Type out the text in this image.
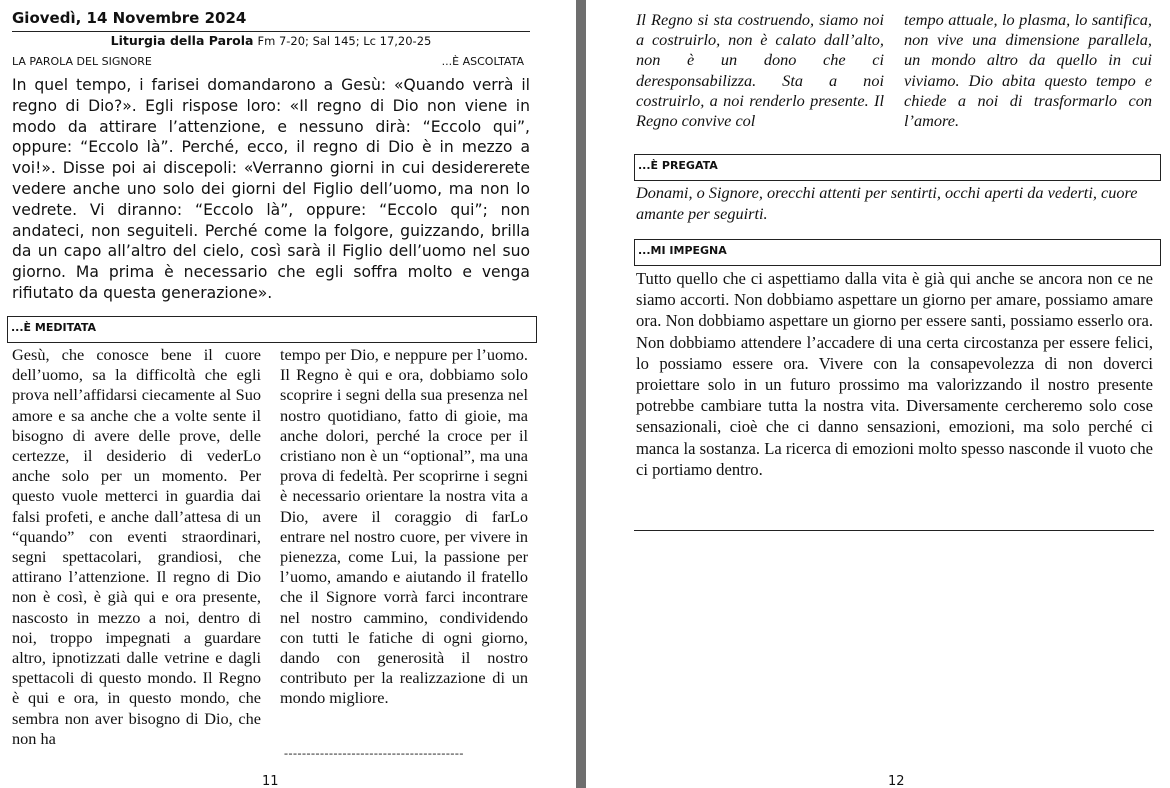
Giovedì, 14 Novembre 2024
Liturgia della Parola Fm 7-20; Sal 145; Lc 17,20-25
LA PAROLA DEL SIGNORE	...È ASCOLTATA

In quel tempo, i farisei domandarono a Gesù: «Quando verrà il regno di Dio?». Egli rispose loro: «Il regno di Dio non viene in modo da attirare l’attenzione, e nessuno dirà: “Eccolo qui”, oppure: “Eccolo là”. Perché, ecco, il regno di Dio è in mezzo a voi!». Disse poi ai discepoli: «Verranno giorni in cui desidererete vedere anche uno solo dei giorni del Figlio dell’uomo, ma non lo vedrete. Vi diranno: “Eccolo là”, oppure: “Eccolo qui”; non andateci, non seguiteli. Perché come la folgore, guizzando, brilla da un capo all’altro del cielo, così sarà il Figlio dell’uomo nel suo giorno. Ma prima è necessario che egli soffra molto e venga rifiutato da questa generazione».

...È MEDITATA

Gesù, che conosce bene il cuore dell’uomo, sa la difficoltà che egli prova nell’affidarsi ciecamente al Suo amore e sa anche che a volte sente il bisogno di avere delle prove, delle certezze, il desiderio di vederLo anche solo per un momento. Per questo vuole metterci in guardia dai falsi profeti, e anche dall’attesa di un “quando” con eventi straordinari, segni spettacolari, grandiosi, che attirano l’attenzione. Il regno di Dio non è così, è già qui e ora presente, nascosto in mezzo a noi, dentro di noi, troppo impegnati a guardare altro, ipnotizzati dalle vetrine e dagli spettacoli di questo mondo. Il Regno è qui e ora, in questo mondo, che sembra non aver bisogno di Dio, che non ha

tempo per Dio, e neppure per l’uomo. Il Regno è qui e ora, dobbiamo solo scoprire i segni della sua presenza nel nostro quotidiano, fatto di gioie, ma anche dolori, perché la croce per il cristiano non è un “optional”, ma una prova di fedeltà. Per scoprirne i segni è necessario orientare la nostra vita a Dio, avere il coraggio di farLo entrare nel nostro cuore, per vivere in pienezza, come Lui, la passione per l’uomo, amando e aiutando il fratello che il Signore vorrà farci incontrare nel nostro cammino, condividendo con tutti le fatiche di ogni giorno, dando con generosità il nostro contributo per la realizzazione di un mondo migliore.

----------------------------------------
11

Il Regno si sta costruendo, siamo noi a costruirlo, non è calato dall’alto, non è un dono che ci deresponsabilizza. Sta a noi costruirlo, a noi renderlo presente. Il Regno convive col

tempo attuale, lo plasma, lo santifica, non vive una dimensione parallela, un mondo altro da quello in cui viviamo. Dio abita questo tempo e chiede a noi di trasformarlo con l’amore.

...È PREGATA

Donami, o Signore, orecchi attenti per sentirti, occhi aperti da vederti, cuore amante per seguirti.

...MI IMPEGNA

Tutto quello che ci aspettiamo dalla vita è già qui anche se ancora non ce ne siamo accorti. Non dobbiamo aspettare un giorno per amare, possiamo amare ora. Non dobbiamo aspettare un giorno per essere santi, possiamo esserlo ora. Non dobbiamo attendere l’accadere di una certa circostanza per essere felici, lo possiamo essere ora. Vivere con la consapevolezza di non doverci proiettare solo in un futuro prossimo ma valorizzando il nostro presente potrebbe cambiare tutta la nostra vita. Diversamente cercheremo solo cose sensazionali, cioè che ci danno sensazioni, emozioni, ma solo perché ci manca la sostanza. La ricerca di emozioni molto spesso nasconde il vuoto che ci portiamo dentro.

12
